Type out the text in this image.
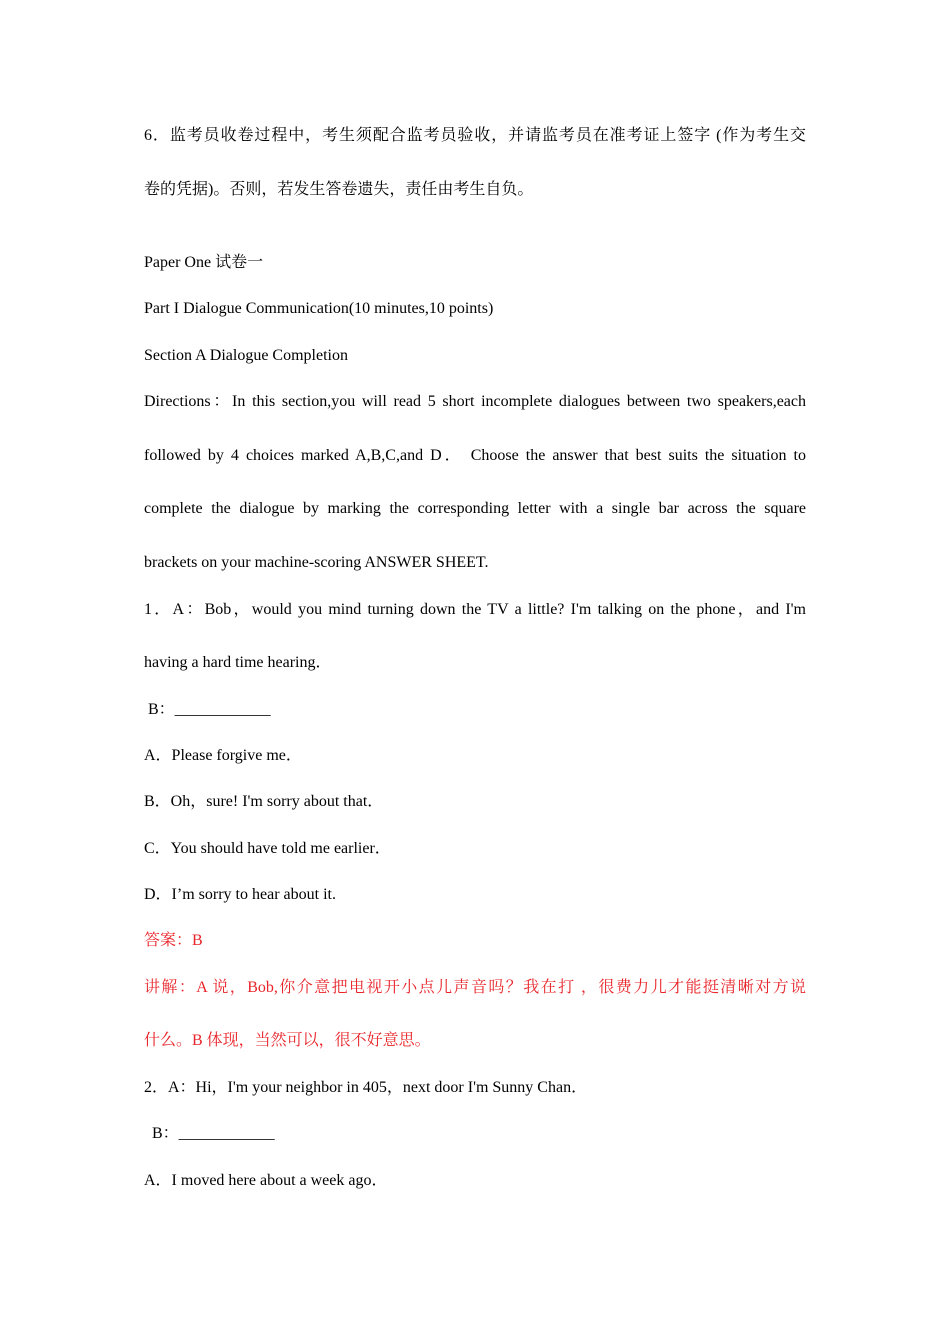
6．监考员收卷过程中，考生须配合监考员验收，并请监考员在准考证上签字 (作为考生交
卷的凭据)。否则，若发生答卷遗失，责任由考生自负。
Paper One 试卷一
Part I Dialogue Communication(10 minutes,10 points)
Section A Dialogue Completion
Directions：In this section,you will read 5 short incomplete dialogues between two speakers,each
followed by 4 choices marked A,B,C,and D． Choose the answer that best suits the situation to
complete the dialogue by marking the corresponding letter with a single bar across the square
brackets on your machine-scoring ANSWER SHEET.
1．A：Bob，would you mind turning down the TV a little? I'm talking on the phone，and I'm
having a hard time hearing．
B：____________
A．Please forgive me．
B．Oh，sure! I'm sorry about that．
C．You should have told me earlier．
D．I’m sorry to hear about it.
答案：B
讲解：A 说，Bob,你介意把电视开小点儿声音吗？我在打 ，很费力儿才能挺清晰对方说
什么。B 体现，当然可以，很不好意思。
2．A：Hi，I'm your neighbor in 405，next door I'm Sunny Chan．
B：____________
A．I moved here about a week ago．
